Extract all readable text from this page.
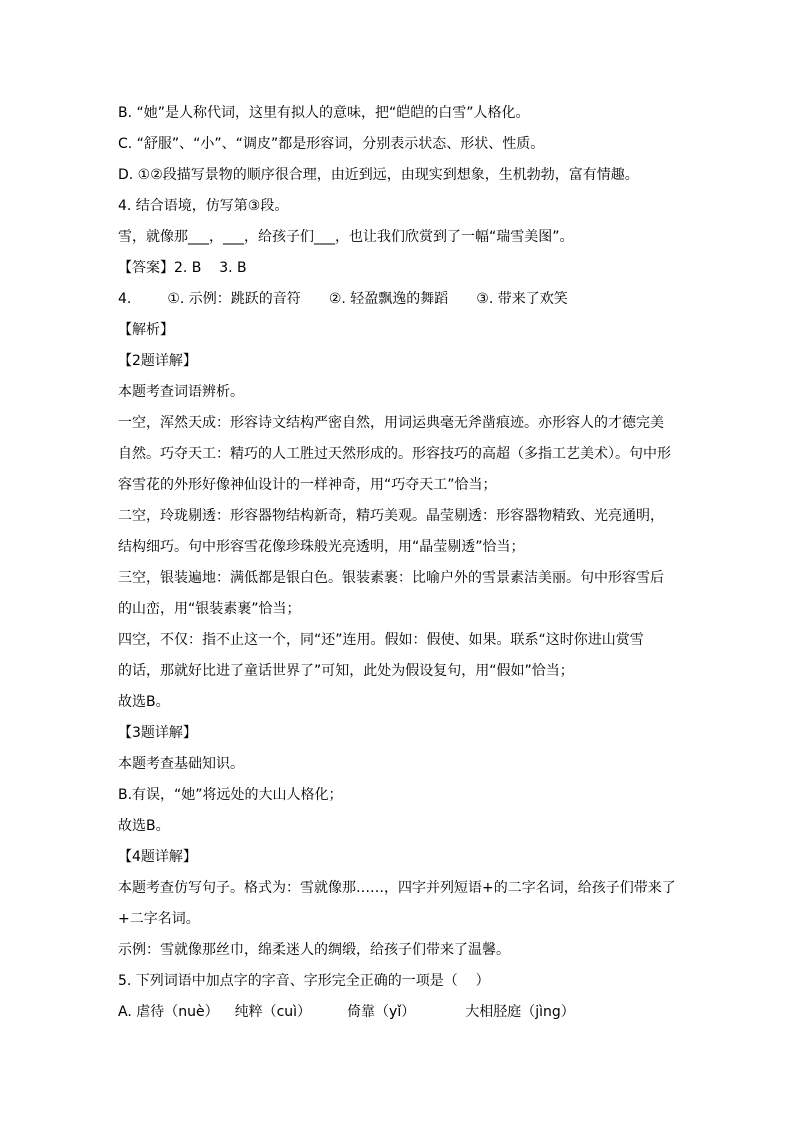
B. “她”是人称代词，这里有拟人的意味，把“皑皑的白雪”人格化。
C. “舒服”、“小”、“调皮”都是形容词，分别表示状态、形状、性质。
D. ①②段描写景物的顺序很合理，由近到远，由现实到想象，生机勃勃，富有情趣。
4. 结合语境，仿写第③段。
雪，就像那___，___，给孩子们___，也让我们欣赏到了一幅“瑞雪美图”。
【答案】2. B    3. B
4.	①. 示例：跳跃的音符 ②. 轻盈飘逸的舞蹈 ③. 带来了欢笑
【解析】
【2题详解】
本题考查词语辨析。
一空，浑然天成：形容诗文结构严密自然，用词运典毫无斧凿痕迹。亦形容人的才德完美
自然。巧夺天工：精巧的人工胜过天然形成的。形容技巧的高超（多指工艺美术）。句中形
容雪花的外形好像神仙设计的一样神奇，用“巧夺天工”恰当；
二空，玲珑剔透：形容器物结构新奇，精巧美观。晶莹剔透：形容器物精致、光亮通明，
结构细巧。句中形容雪花像珍珠般光亮透明，用“晶莹剔透”恰当；
三空，银装遍地：满低都是银白色。银装素裹：比喻户外的雪景素洁美丽。句中形容雪后
的山峦，用“银装素裹”恰当；
四空，不仅：指不止这一个，同“还”连用。假如：假使、如果。联系“这时你进山赏雪
的话，那就好比进了童话世界了”可知，此处为假设复句，用“假如”恰当；
故选B。
【3题详解】
本题考查基础知识。
B.有误，“她”将远处的大山人格化；
故选B。
【4题详解】
本题考查仿写句子。格式为：雪就像那……，四字并列短语+的二字名词，给孩子们带来了
+二字名词。
示例：雪就像那丝巾，绵柔迷人的绸缎，给孩子们带来了温馨。
5. 下列词语中加点字的字音、字形完全正确的一项是（    ）
A. 虐待（nuè） 纯粹（cuì）	倚靠（yǐ）	大相胫庭（jìng）
